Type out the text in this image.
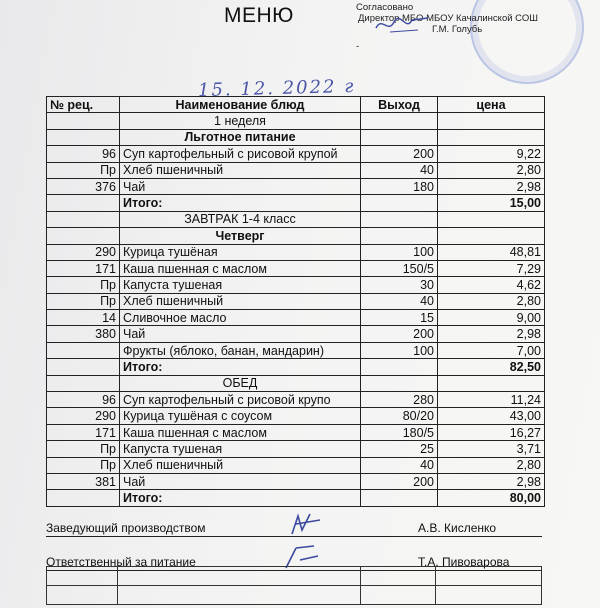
МЕНЮ	Согласовано
Директор МБО МБОУ Качалинской СОШ
Г.М. Голубь
-
15. 12. 2022 г
№ рец.	Наименование блюд	Выход	цена
	1 неделя		
	Льготное питание		
96	Суп картофельный с рисовой крупой	200	9,22
Пр	Хлеб пшеничный	40	2,80
376	Чай	180	2,98
	Итого:		15,00
	ЗАВТРАК 1-4 класс		
	Четверг		
290	Курица тушёная	100	48,81
171	Каша пшенная с маслом	150/5	7,29
Пр	Капуста тушеная	30	4,62
Пр	Хлеб пшеничный	40	2,80
14	Сливочное масло	15	9,00
380	Чай	200	2,98
	Фрукты (яблоко, банан, мандарин)	100	7,00
	Итого:		82,50
	ОБЕД		
96	Суп картофельный с рисовой крупо	280	11,24
290	Курица тушёная с соусом	80/20	43,00
171	Каша пшенная с маслом	180/5	16,27
Пр	Капуста тушеная	25	3,71
Пр	Хлеб пшеничный	40	2,80
381	Чай	200	2,98
	Итого:		80,00
Заведующий производством	А.В. Кисленко
Ответственный за питание	Т.А. Пивоварова
